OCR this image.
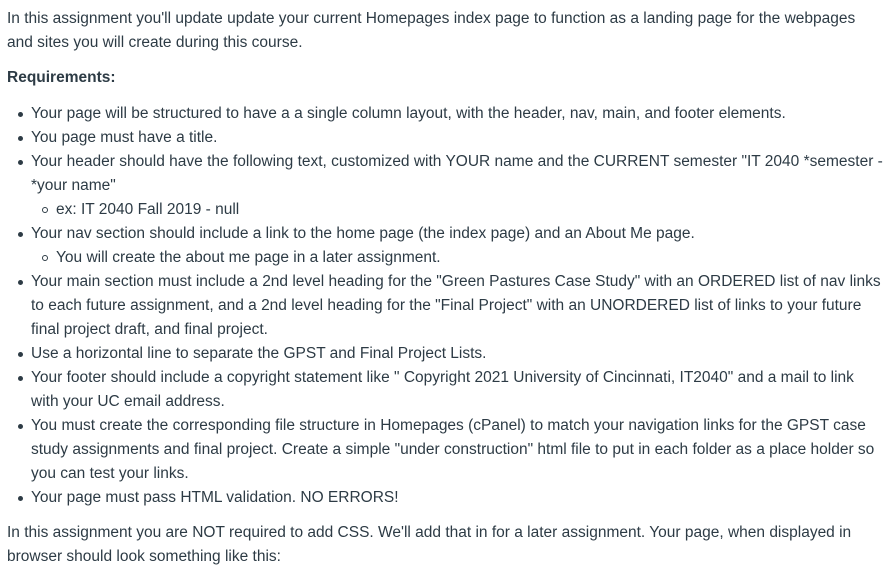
In this assignment you'll update update your current Homepages index page to function as a landing page for the webpages and sites you will create during this course.

Requirements:

Your page will be structured to have a a single column layout, with the header, nav, main, and footer elements.
You page must have a title.
Your header should have the following text, customized with YOUR name and the CURRENT semester "IT 2040 *semester - *your name"
ex: IT 2040 Fall 2019 - null
Your nav section should include a link to the home page (the index page) and an About Me page.
You will create the about me page in a later assignment.
Your main section must include a 2nd level heading for the "Green Pastures Case Study" with an ORDERED list of nav links to each future assignment, and a 2nd level heading for the "Final Project" with an UNORDERED list of links to your future final project draft, and final project.
Use a horizontal line to separate the GPST and Final Project Lists.
Your footer should include a copyright statement like " Copyright 2021 University of Cincinnati, IT2040" and a mail to link with your UC email address.
You must create the corresponding file structure in Homepages (cPanel) to match your navigation links for the GPST case study assignments and final project. Create a simple "under construction" html file to put in each folder as a place holder so you can test your links.
Your page must pass HTML validation. NO ERRORS!

In this assignment you are NOT required to add CSS. We'll add that in for a later assignment. Your page, when displayed in browser should look something like this:
